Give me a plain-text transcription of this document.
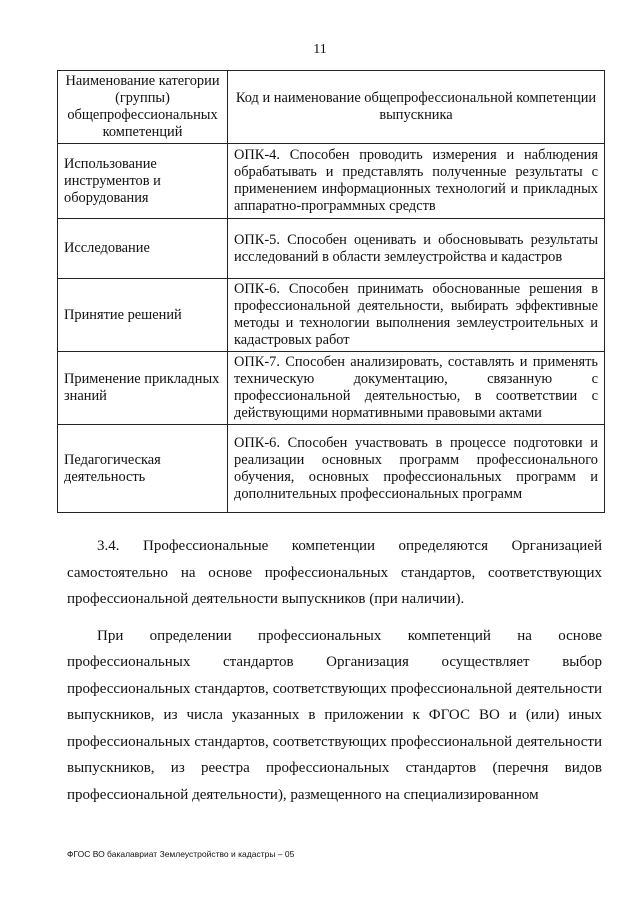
11
Наименование категории (группы) общепрофессиональных компетенций	Код и наименование общепрофессиональной компетенции выпускника
Использование инструментов и оборудования	ОПК-4. Способен проводить измерения и наблюдения обрабатывать и представлять полученные результаты с применением информационных технологий и прикладных аппаратно-программных средств
Исследование	ОПК-5. Способен оценивать и обосновывать результаты исследований в области землеустройства и кадастров
Принятие решений	ОПК-6. Способен принимать обоснованные решения в профессиональной деятельности, выбирать эффективные методы и технологии выполнения землеустроительных и кадастровых работ
Применение прикладных знаний	ОПК-7. Способен анализировать, составлять и применять техническую документацию, связанную с профессиональной деятельностью, в соответствии с действующими нормативными правовыми актами
Педагогическая деятельность	ОПК-6. Способен участвовать в процессе подготовки и реализации основных программ профессионального обучения, основных профессиональных программ и дополнительных профессиональных программ

3.4. Профессиональные компетенции определяются Организацией самостоятельно на основе профессиональных стандартов, соответствующих профессиональной деятельности выпускников (при наличии).

При определении профессиональных компетенций на основе профессиональных стандартов Организация осуществляет выбор профессиональных стандартов, соответствующих профессиональной деятельности выпускников, из числа указанных в приложении к ФГОС ВО и (или) иных профессиональных стандартов, соответствующих профессиональной деятельности выпускников, из реестра профессиональных стандартов (перечня видов профессиональной деятельности), размещенного на специализированном

ФГОС ВО бакалавриат Землеустройство и кадастры – 05
